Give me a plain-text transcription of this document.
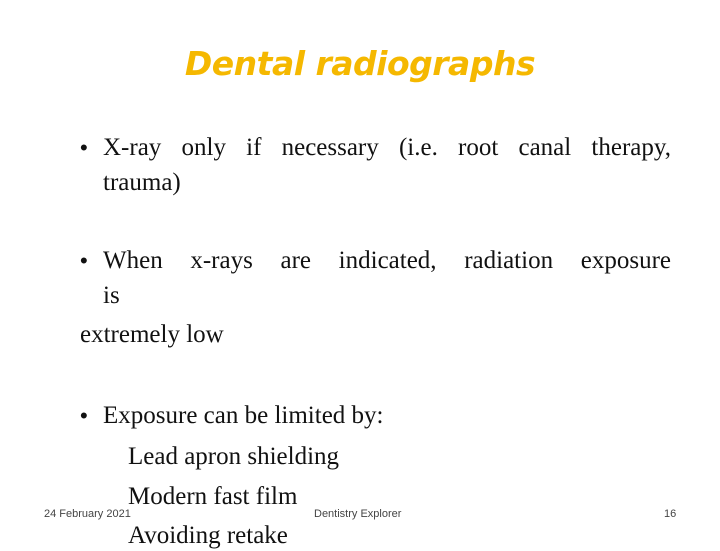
Dental radiographs
• X-ray only if necessary (i.e. root canal therapy,
trauma)
• When x-rays are indicated, radiation exposure
is
extremely low
• Exposure can be limited by:
Lead apron shielding
Modern fast film
Avoiding retake
24 February 2021	Dentistry Explorer	16
